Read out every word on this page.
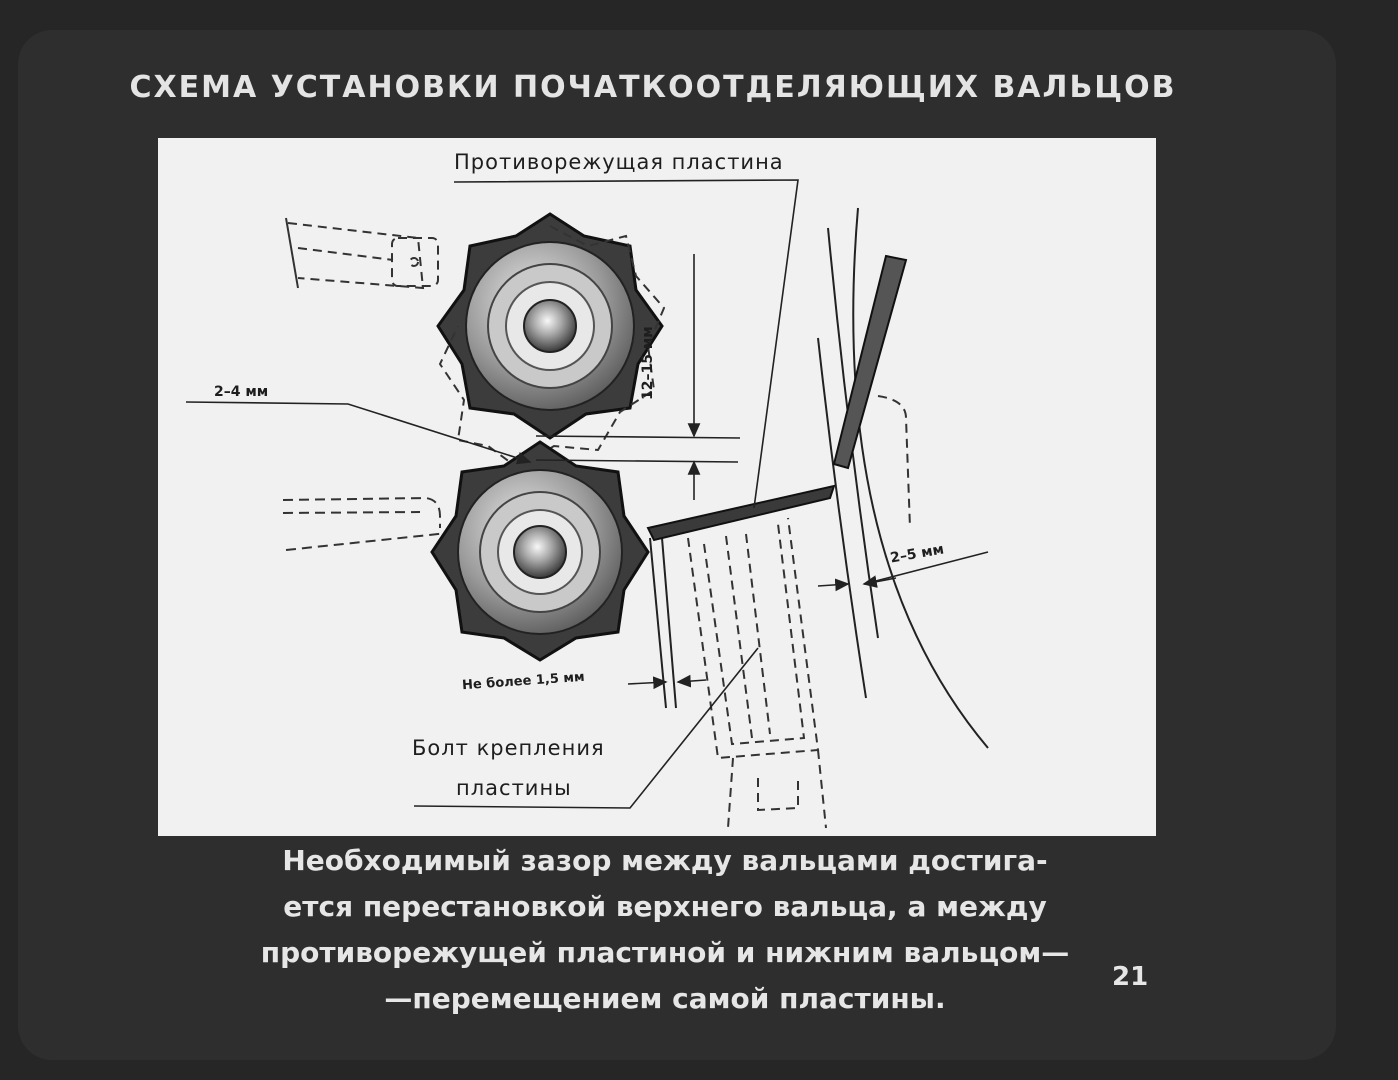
СХЕМА УСТАНОВКИ ПОЧАТКООТДЕЛЯЮЩИХ ВАЛЬЦОВ
Противорежущая пластина
2–4 мм	12–15 мм
2–5 мм
Не более 1,5 мм
Болт крепления
пластины
Необходимый зазор между вальцами достига-
ется перестановкой верхнего вальца, а между
противорежущей пластиной и нижним вальцом—
—перемещением самой пластины.
21
